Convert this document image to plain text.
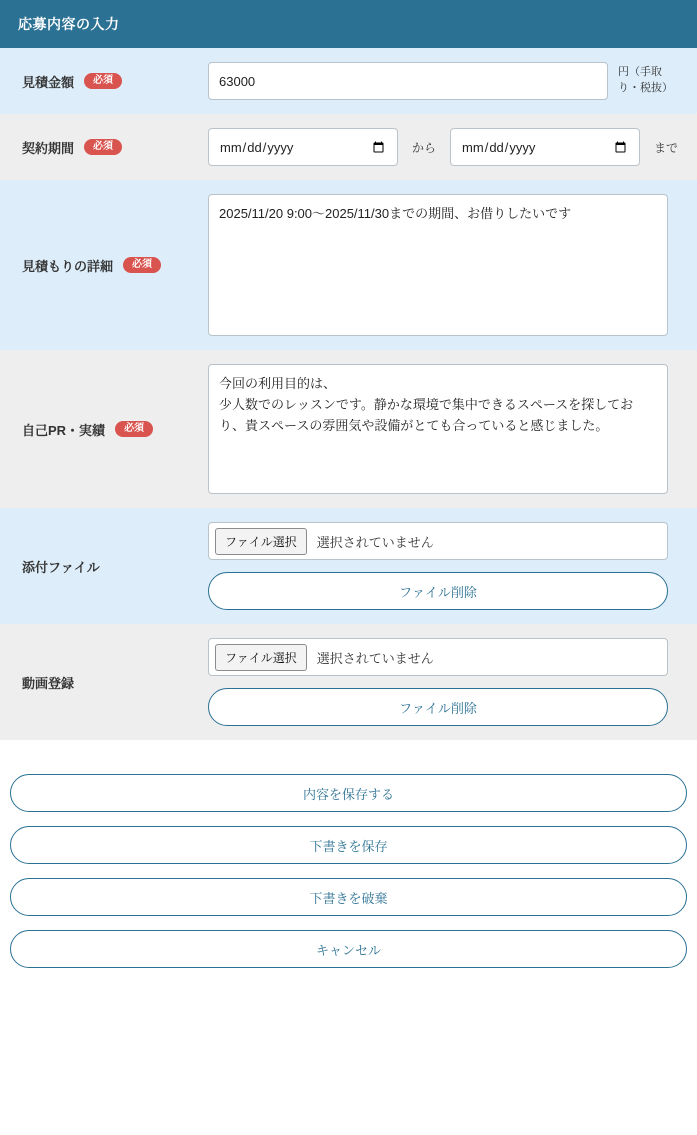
応募内容の入力
見積金額	必須
63000
円（手取り・税抜）
契約期間	必須	から	まで
見積もりの詳細	必須
2025/11/20 9:00〜2025/11/30までの期間、お借りしたいです
自己PR・実績	必須
今回の利用目的は、 少人数でのレッスンです。静かな環境で集中できるスペースを探しており、貴スペースの雰囲気や設備がとても合っていると感じました。
添付ファイル
ファイル選択	選択されていません
ファイル削除
動画登録
ファイル選択	選択されていません
ファイル削除
内容を保存する
下書きを保存
下書きを破棄
キャンセル
